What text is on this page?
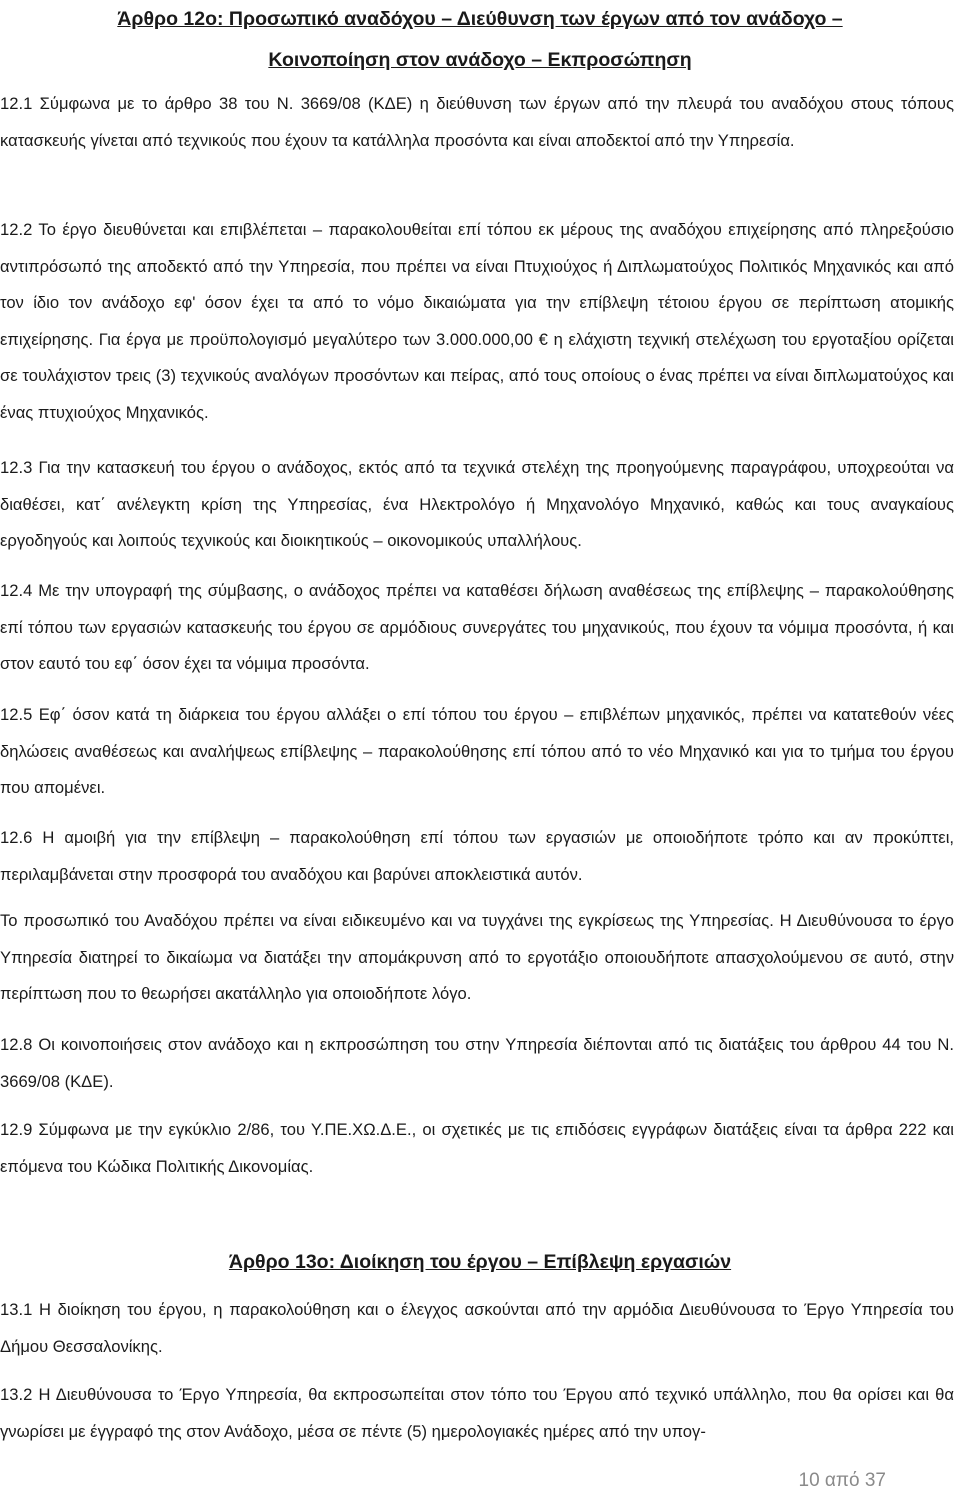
Άρθρο 12ο: Προσωπικό αναδόχου – Διεύθυνση των έργων από τον ανάδοχο –
Κοινοποίηση στον ανάδοχο – Εκπροσώπηση

12.1 Σύμφωνα με το άρθρο 38 του Ν. 3669/08 (ΚΔΕ) η διεύθυνση των έργων από την πλευρά του αναδόχου στους τόπους κατασκευής γίνεται από τεχνικούς που έχουν τα κατάλληλα προσόντα και είναι αποδεκτοί από την Υπηρεσία.

12.2 Το έργο διευθύνεται και επιβλέπεται – παρακολουθείται επί τόπου εκ μέρους της αναδόχου επιχείρησης από πληρεξούσιο αντιπρόσωπό της αποδεκτό από την Υπηρεσία, που πρέπει να είναι Πτυχιούχος ή Διπλωματούχος Πολιτικός Μηχανικός και από τον ίδιο τον ανάδοχο εφ' όσον έχει τα από το νόμο δικαιώματα για την επίβλεψη τέτοιου έργου σε περίπτωση ατομικής επιχείρησης. Για έργα με προϋπολογισμό μεγαλύτερο των 3.000.000,00 € η ελάχιστη τεχνική στελέχωση του εργοταξίου ορίζεται σε τουλάχιστον τρεις (3) τεχνικούς αναλόγων προσόντων και πείρας, από τους οποίους ο ένας πρέπει να είναι διπλωματούχος και ένας πτυχιούχος Μηχανικός.

12.3 Για την κατασκευή του έργου ο ανάδοχος, εκτός από τα τεχνικά στελέχη της προηγούμενης παραγράφου, υποχρεούται να διαθέσει, κατ΄ ανέλεγκτη κρίση της Υπηρεσίας, ένα Ηλεκτρολόγο ή Μηχανολόγο Μηχανικό, καθώς και τους αναγκαίους εργοδηγούς και λοιπούς τεχνικούς και διοικητικούς – οικονομικούς υπαλλήλους.

12.4 Με την υπογραφή της σύμβασης, ο ανάδοχος πρέπει να καταθέσει δήλωση αναθέσεως της επίβλεψης – παρακολούθησης επί τόπου των εργασιών κατασκευής του έργου σε αρμόδιους συνεργάτες του μηχανικούς, που έχουν τα νόμιμα προσόντα, ή και στον εαυτό του εφ΄ όσον έχει τα νόμιμα προσόντα.

12.5 Εφ΄ όσον κατά τη διάρκεια του έργου αλλάξει ο επί τόπου του έργου – επιβλέπων μηχανικός, πρέπει να κατατεθούν νέες δηλώσεις αναθέσεως και αναλήψεως επίβλεψης – παρακολούθησης επί τόπου από το νέο Μηχανικό και για το τμήμα του έργου που απομένει.

12.6 Η αμοιβή για την επίβλεψη – παρακολούθηση επί τόπου των εργασιών με οποιοδήποτε τρόπο και αν προκύπτει, περιλαμβάνεται στην προσφορά του αναδόχου και βαρύνει αποκλειστικά αυτόν.

Το προσωπικό του Αναδόχου πρέπει να είναι ειδικευμένο και να τυγχάνει της εγκρίσεως της Υπηρεσίας. Η Διευθύνουσα το έργο Υπηρεσία διατηρεί το δικαίωμα να διατάξει την απομάκρυνση από το εργοτάξιο οποιουδήποτε απασχολούμενου σε αυτό, στην περίπτωση που το θεωρήσει ακατάλληλο για οποιοδήποτε λόγο.

12.8 Οι κοινοποιήσεις στον ανάδοχο και η εκπροσώπηση του στην Υπηρεσία διέπονται από τις διατάξεις του άρθρου 44 του Ν. 3669/08 (ΚΔΕ).

12.9 Σύμφωνα με την εγκύκλιο 2/86, του Υ.ΠΕ.ΧΩ.Δ.Ε., οι σχετικές με τις επιδόσεις εγγράφων διατάξεις είναι τα άρθρα 222 και επόμενα του Κώδικα Πολιτικής Δικονομίας.

Άρθρο 13ο: Διοίκηση του έργου – Επίβλεψη εργασιών

13.1 Η διοίκηση του έργου, η παρακολούθηση και ο έλεγχος ασκούνται από την αρμόδια Διευθύνουσα το Έργο Υπηρεσία του Δήμου Θεσσαλονίκης.

13.2 Η Διευθύνουσα το Έργο Υπηρεσία, θα εκπροσωπείται στον τόπο του Έργου από τεχνικό υπάλληλο, που θα ορίσει και θα γνωρίσει με έγγραφό της στον Ανάδοχο, μέσα σε πέντε (5) ημερολογιακές ημέρες από την υπογ-

10 από 37
